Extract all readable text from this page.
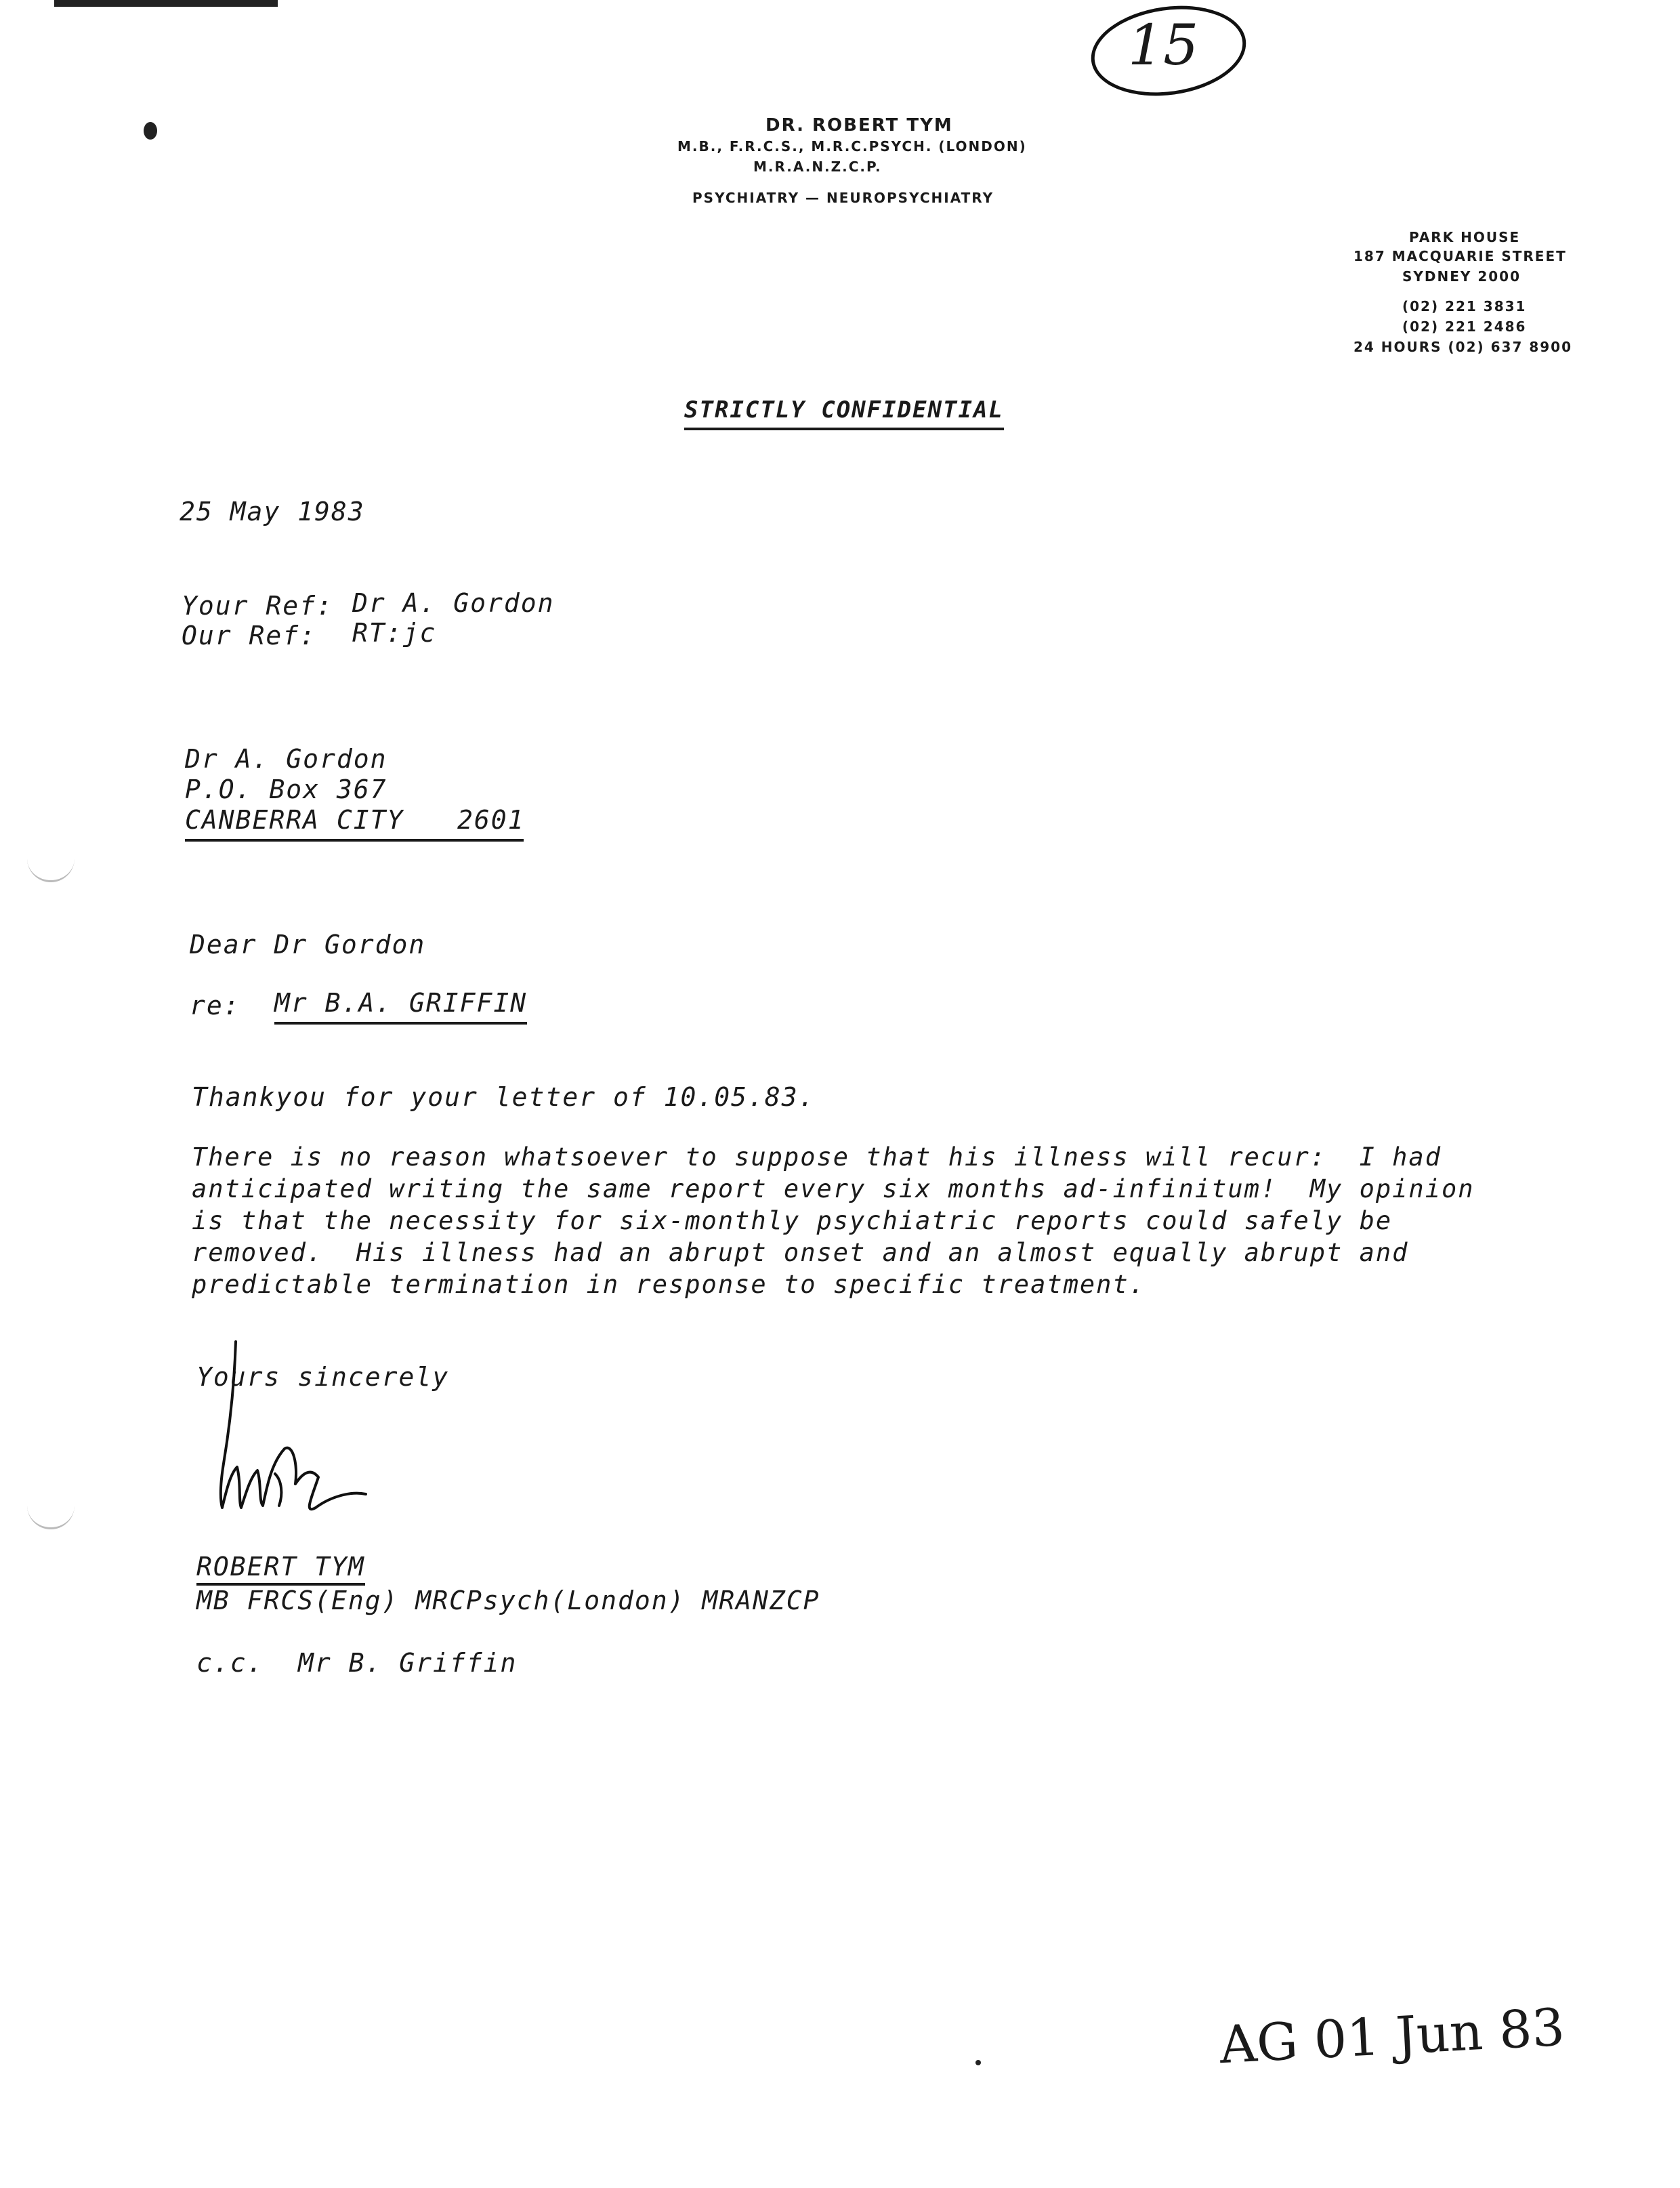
15
DR. ROBERT TYM
M.B., F.R.C.S., M.R.C.PSYCH. (LONDON)
M.R.A.N.Z.C.P.
PSYCHIATRY — NEUROPSYCHIATRY
PARK HOUSE
187 MACQUARIE STREET
SYDNEY 2000
(02) 221 3831
(02) 221 2486
24 HOURS (02) 637 8900
STRICTLY CONFIDENTIAL
25 May 1983
Your Ref: Dr A. Gordon
Our Ref: RT:jc
Dr A. Gordon
P.O. Box 367
CANBERRA CITY 2601
Dear Dr Gordon
re: Mr B.A. GRIFFIN
Thankyou for your letter of 10.05.83.
There is no reason whatsoever to suppose that his illness will recur:  I had
anticipated writing the same report every six months ad-infinitum!  My opinion
is that the necessity for six-monthly psychiatric reports could safely be
removed.  His illness had an abrupt onset and an almost equally abrupt and
predictable termination in response to specific treatment.
Yours sincerely
ROBERT TYM
MB FRCS(Eng) MRCPsych(London) MRANZCP
c.c. Mr B. Griffin
AG 01 Jun 83
